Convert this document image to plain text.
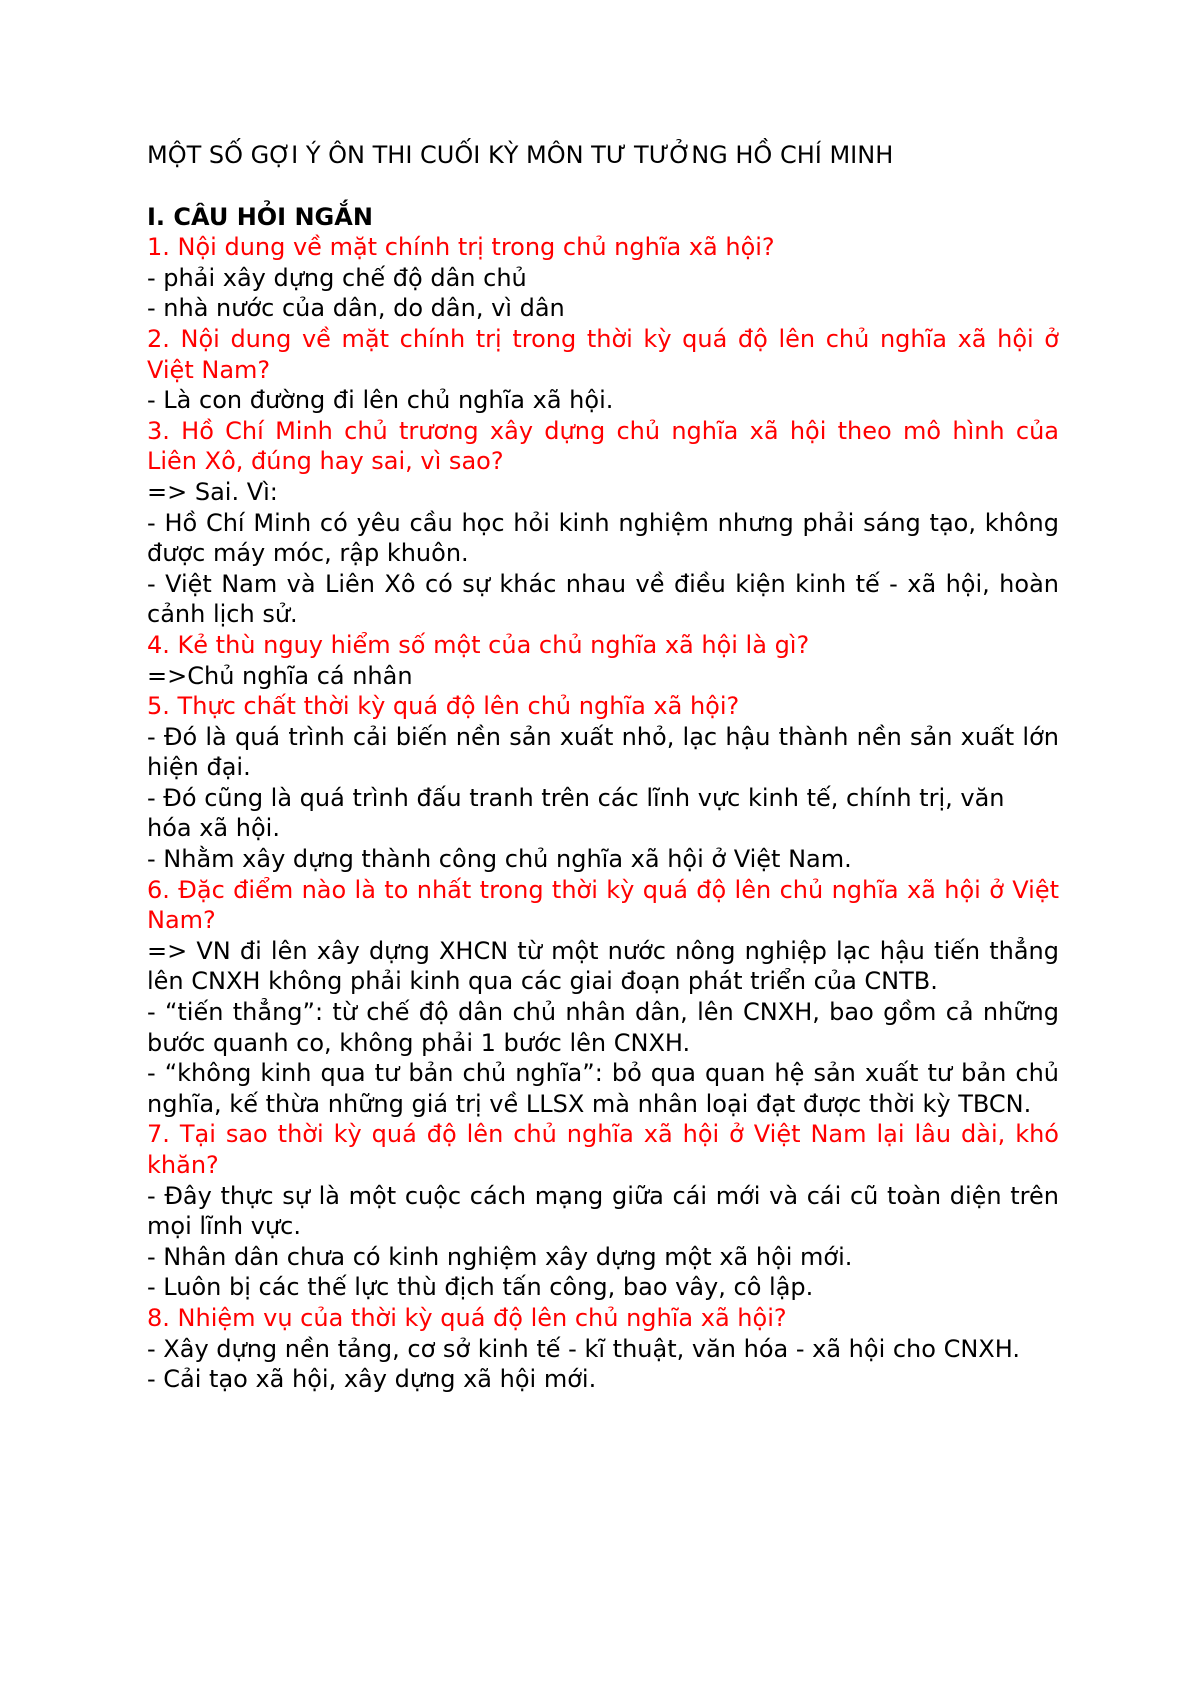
MỘT SỐ GỢI Ý ÔN THI CUỐI KỲ MÔN TƯ TƯỞNG HỒ CHÍ MINH
I. CÂU HỎI NGẮN

1. Nội dung về mặt chính trị trong chủ nghĩa xã hội?

- phải xây dựng chế độ dân chủ

- nhà nước của dân, do dân, vì dân

2. Nội dung về mặt chính trị trong thời kỳ quá độ lên chủ nghĩa xã hội ở Việt Nam?

- Là con đường đi lên chủ nghĩa xã hội.

3. Hồ Chí Minh chủ trương xây dựng chủ nghĩa xã hội theo mô hình của Liên Xô, đúng hay sai, vì sao?

=> Sai. Vì:

- Hồ Chí Minh có yêu cầu học hỏi kinh nghiệm nhưng phải sáng tạo, không được máy móc, rập khuôn.

- Việt Nam và Liên Xô có sự khác nhau về điều kiện kinh tế - xã hội, hoàn cảnh lịch sử.

4. Kẻ thù nguy hiểm số một của chủ nghĩa xã hội là gì?

=>Chủ nghĩa cá nhân

5. Thực chất thời kỳ quá độ lên chủ nghĩa xã hội?

- Đó là quá trình cải biến nền sản xuất nhỏ, lạc hậu thành nền sản xuất lớn hiện đại.

- Đó cũng là quá trình đấu tranh trên các lĩnh vực kinh tế, chính trị, văn

hóa xã hội.

- Nhằm xây dựng thành công chủ nghĩa xã hội ở Việt Nam.

6. Đặc điểm nào là to nhất trong thời kỳ quá độ lên chủ nghĩa xã hội ở Việt Nam?

=> VN đi lên xây dựng XHCN từ một nước nông nghiệp lạc hậu tiến thẳng lên CNXH không phải kinh qua các giai đoạn phát triển của CNTB.

- “tiến thẳng”: từ chế độ dân chủ nhân dân, lên CNXH, bao gồm cả những bước quanh co, không phải 1 bước lên CNXH.

- “không kinh qua tư bản chủ nghĩa”: bỏ qua quan hệ sản xuất tư bản chủ nghĩa, kế thừa những giá trị về LLSX mà nhân loại đạt được thời kỳ TBCN.

7. Tại sao thời kỳ quá độ lên chủ nghĩa xã hội ở Việt Nam lại lâu dài, khó khăn?

- Đây thực sự là một cuộc cách mạng giữa cái mới và cái cũ toàn diện trên mọi lĩnh vực.

- Nhân dân chưa có kinh nghiệm xây dựng một xã hội mới.

- Luôn bị các thế lực thù địch tấn công, bao vây, cô lập.

8. Nhiệm vụ của thời kỳ quá độ lên chủ nghĩa xã hội?

- Xây dựng nền tảng, cơ sở kinh tế - kĩ thuật, văn hóa - xã hội cho CNXH.

- Cải tạo xã hội, xây dựng xã hội mới.
